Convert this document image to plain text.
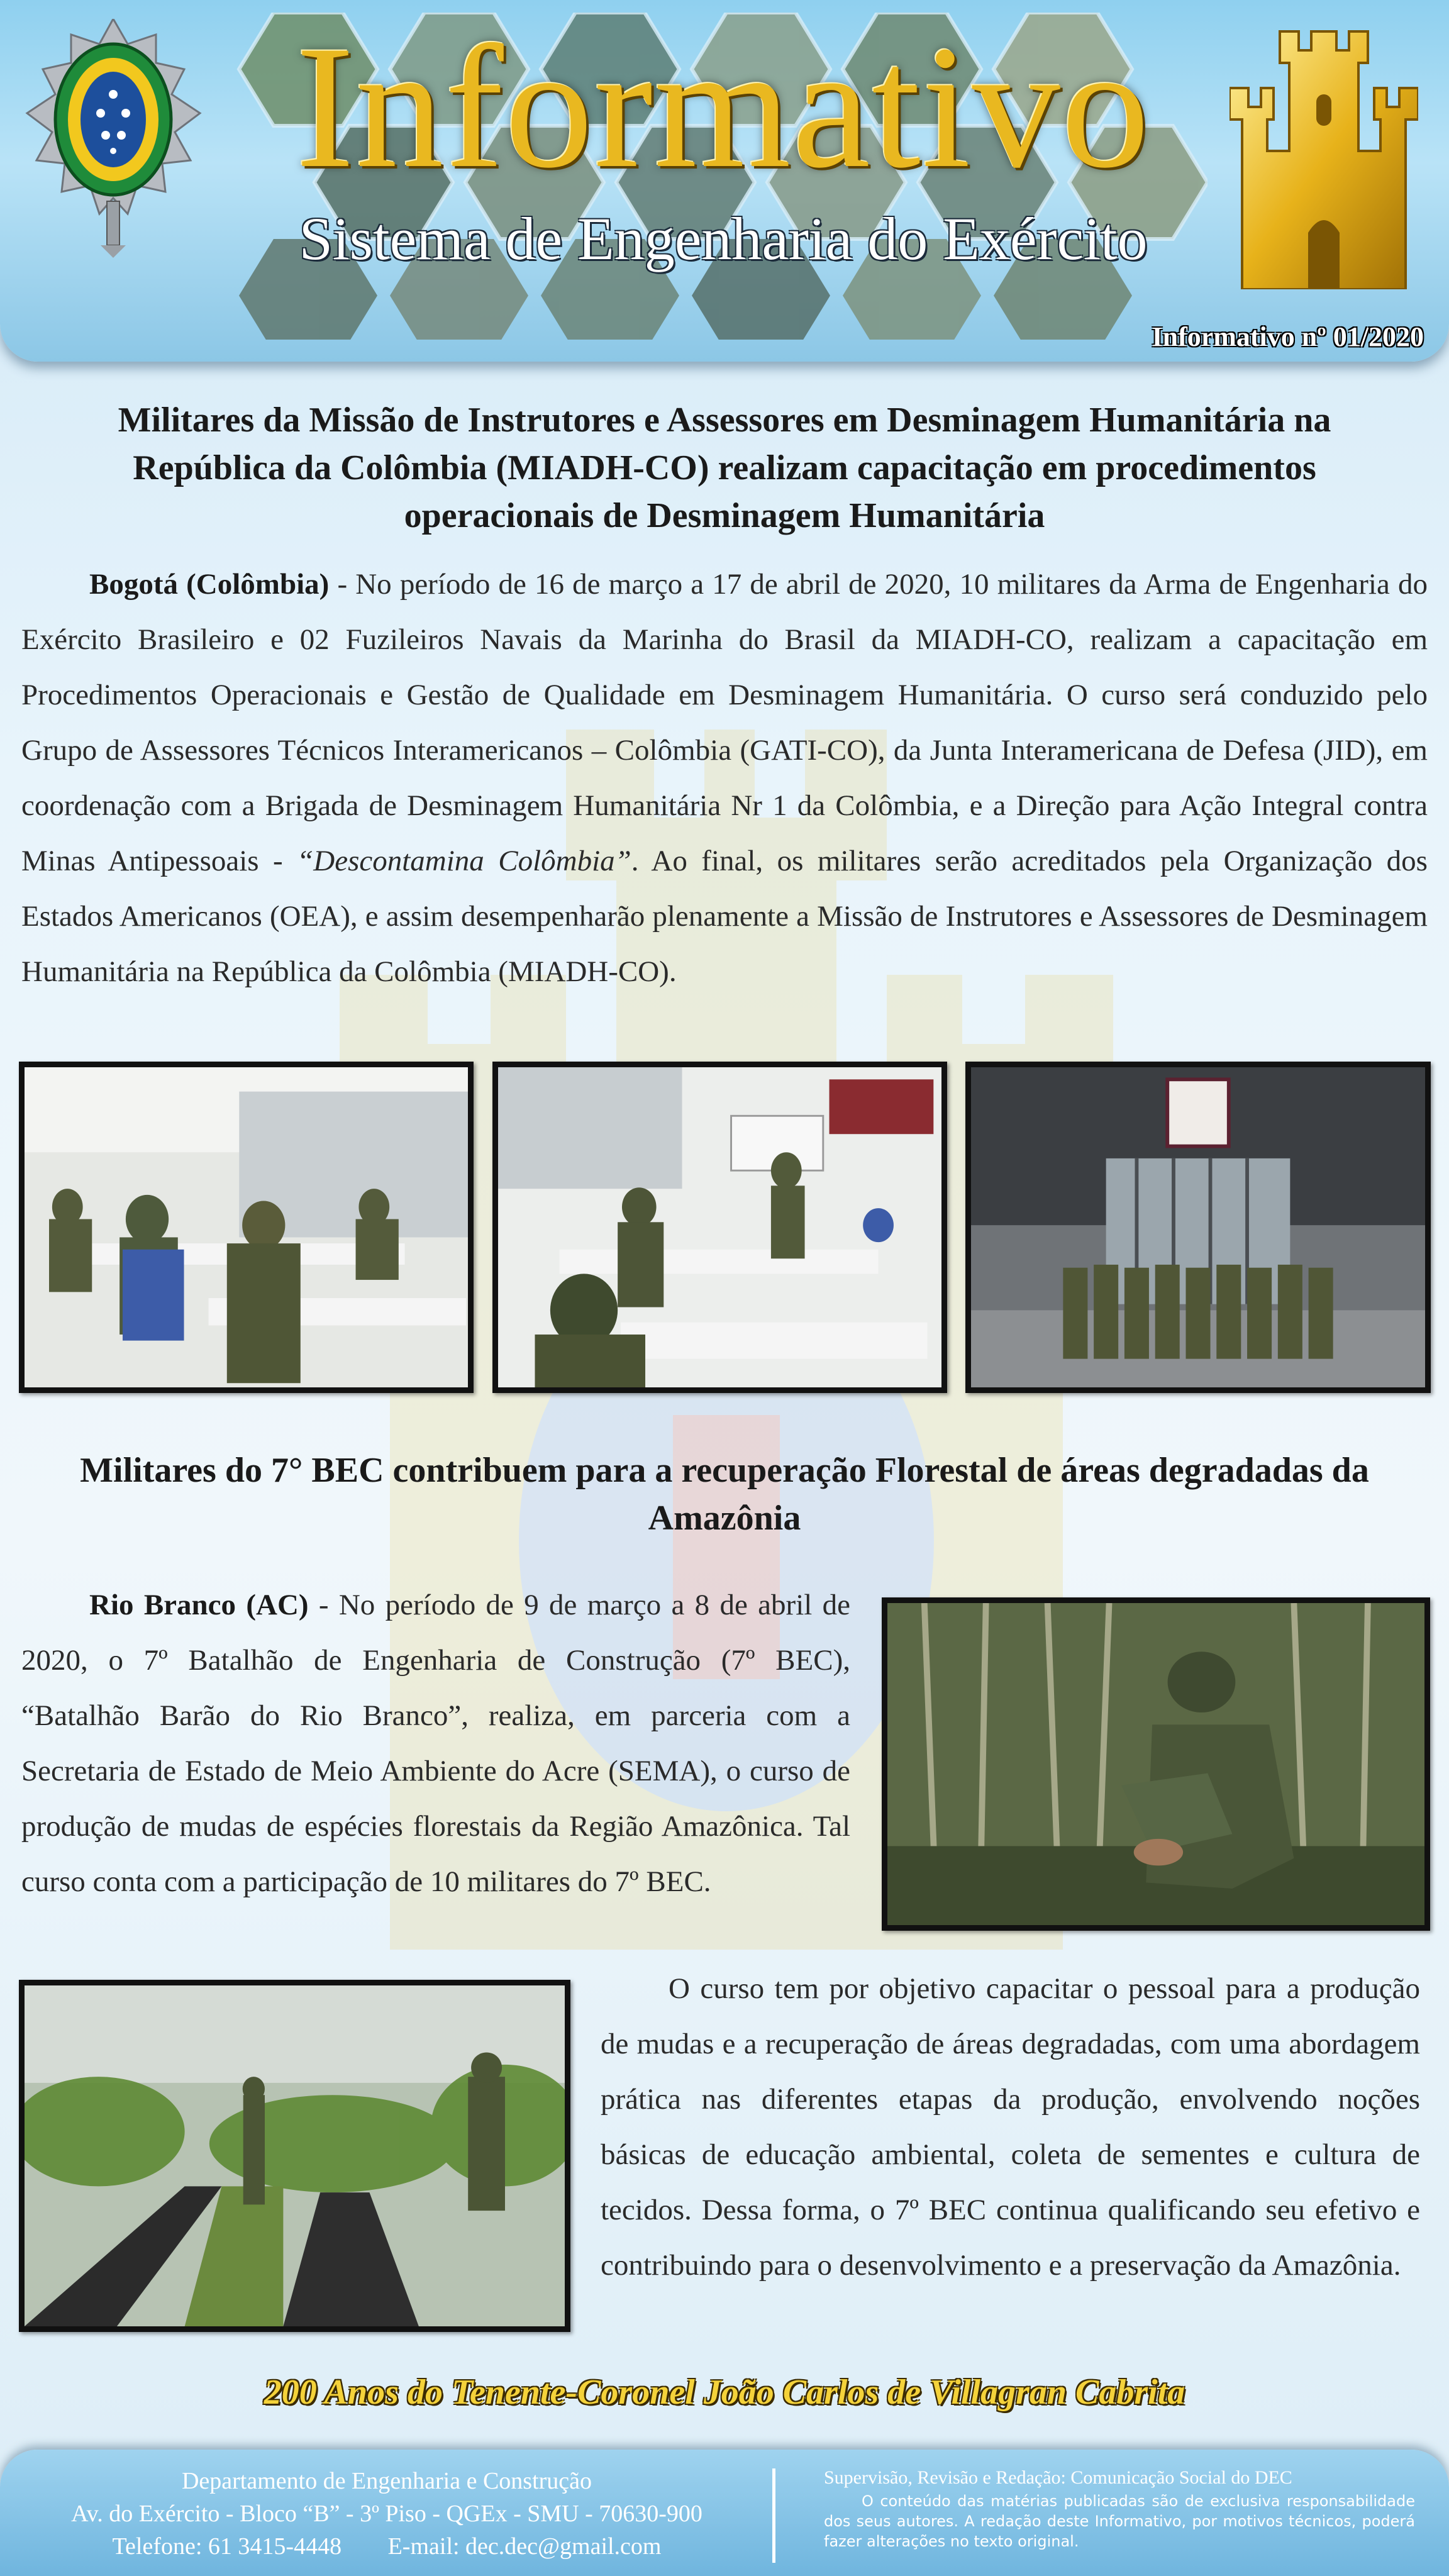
Informativo
Sistema de Engenharia do Exército
Informativo nº 01/2020
Militares da Missão de Instrutores e Assessores em Desminagem Humanitária na República da Colômbia (MIADH-CO) realizam capacitação em procedimentos operacionais de Desminagem Humanitária

Bogotá (Colômbia) - No período de 16 de março a 17 de abril de 2020, 10 militares da Arma de Engenharia do Exército Brasileiro e 02 Fuzileiros Navais da Marinha do Brasil da MIADH-CO, realizam a capacitação em Procedimentos Operacionais e Gestão de Qualidade em Desminagem Humanitária. O curso será conduzido pelo Grupo de Assessores Técnicos Interamericanos – Colômbia (GATI-CO), da Junta Interamericana de Defesa (JID), em coordenação com a Brigada de Desminagem Humanitária Nr 1 da Colômbia, e a Direção para Ação Integral contra Minas Antipessoais - “Descontamina Colômbia”. Ao final, os militares serão acreditados pela Organização dos Estados Americanos (OEA), e assim desempenharão plenamente a Missão de Instrutores e Assessores de Desminagem Humanitária na República da Colômbia (MIADH-CO).

Militares do 7° BEC contribuem para a recuperação Florestal de áreas degradadas da Amazônia

Rio Branco (AC) - No período de 9 de março a 8 de abril de 2020, o 7º Batalhão de Engenharia de Construção (7º BEC), “Batalhão Barão do Rio Branco”, realiza, em parceria com a Secretaria de Estado de Meio Ambiente do Acre (SEMA), o curso de produção de mudas de espécies florestais da Região Amazônica. Tal curso conta com a participação de 10 militares do 7º BEC.

O curso tem por objetivo capacitar o pessoal para a produção de mudas e a recuperação de áreas degradadas, com uma abordagem prática nas diferentes etapas da produção, envolvendo noções básicas de educação ambiental, coleta de sementes e cultura de tecidos. Dessa forma, o 7º BEC continua qualificando seu efetivo e contribuindo para o desenvolvimento e a preservação da Amazônia.

200 Anos do Tenente-Coronel João Carlos de Villagran Cabrita
Departamento de Engenharia e Construção
Av. do Exército - Bloco “B” - 3º Piso - QGEx - SMU - 70630-900
Telefone: 61 3415-4448 E-mail: dec.dec@gmail.com
Supervisão, Revisão e Redação: Comunicação Social do DEC
O conteúdo das matérias publicadas são de exclusiva responsabilidade dos seus autores. A redação deste Informativo, por motivos técnicos, poderá fazer alterações no texto original.
